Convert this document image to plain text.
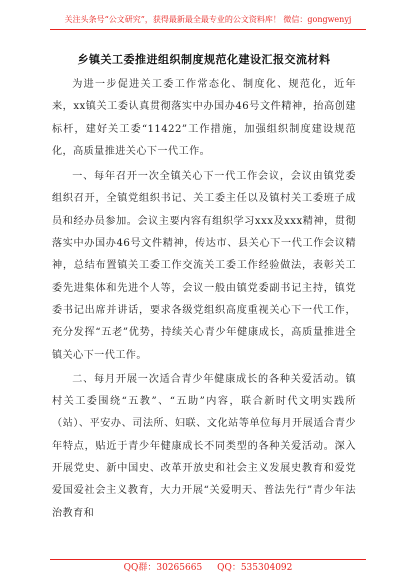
关注头条号“公文研究”，获得最新最全最专业的公文资料库！ 微信：gongwenyj
乡镇关工委推进组织制度规范化建设汇报交流材料

为进一步促进关工委工作常态化、制度化、规范化，近年来，xx镇关工委认真贯彻落实中办国办46号文件精神，抬高创建标杆，建好关工委“11422”工作措施，加强组织制度建设规范化，高质量推进关心下一代工作。

一、每年召开一次全镇关心下一代工作会议，会议由镇党委组织召开，全镇党组织书记、关工委主任以及镇村关工委班子成员和经办员参加。会议主要内容有组织学习xxx及xxx精神，贯彻落实中办国办46号文件精神，传达市、县关心下一代工作会议精神，总结布置镇关工委工作交流关工委工作经验做法，表彰关工委先进集体和先进个人等，会议一般由镇党委副书记主持，镇党委书记出席并讲话，要求各级党组织高度重视关心下一代工作，充分发挥“五老”优势，持续关心青少年健康成长，高质量推进全镇关心下一代工作。

二、每月开展一次适合青少年健康成长的各种关爱活动。镇村关工委围绕“五教”、“五助”内容，联合新时代文明实践所（站）、平安办、司法所、妇联、文化站等单位每月开展适合青少年特点，贴近于青少年健康成长不同类型的各种关爱活动。深入开展党史、新中国史、改革开放史和社会主义发展史教育和爱党爱国爱社会主义教育，大力开展“关爱明天、普法先行”青少年法治教育和

QQ群：30265665 QQ：535304092
